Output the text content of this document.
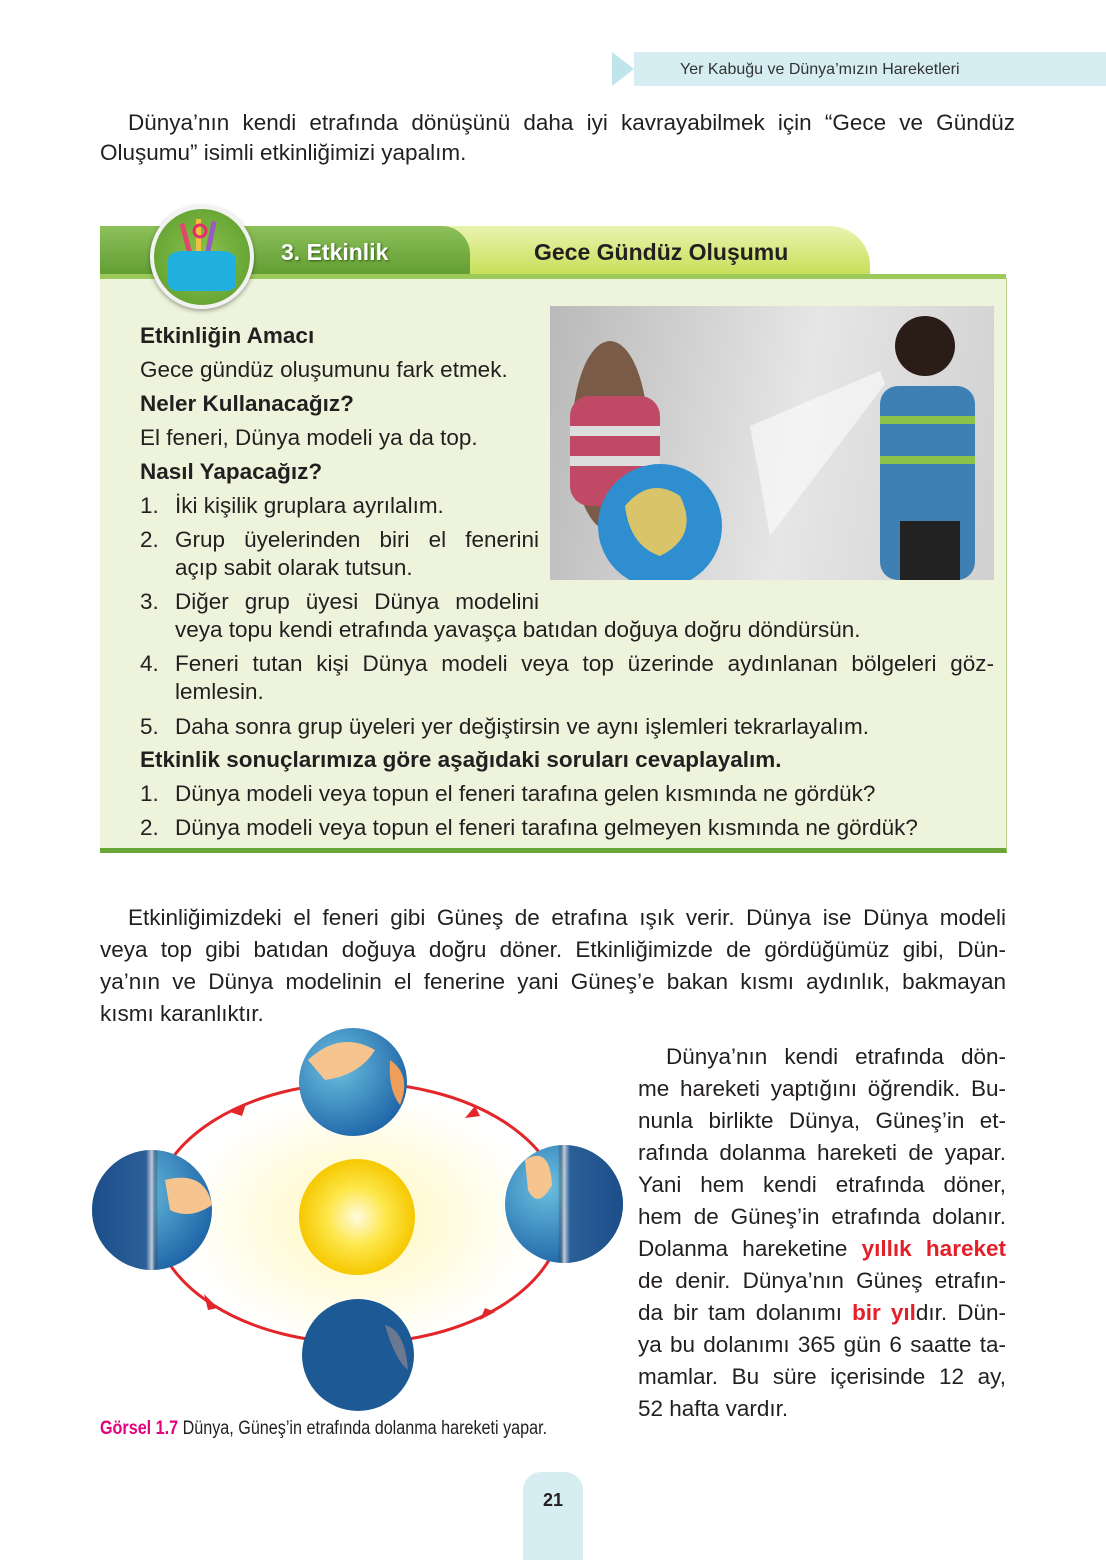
Yer Kabuğu ve Dünya’mızın Hareketleri
Dünya’nın kendi etrafında dönüşünü daha iyi kavrayabilmek için “Gece ve Gündüz
Oluşumu” isimli etkinliğimizi yapalım.
3. Etkinlik	Gece Gündüz Oluşumu
Etkinliğin Amacı
Gece gündüz oluşumunu fark etmek.
Neler Kullanacağız?
El feneri, Dünya modeli ya da top.
Nasıl Yapacağız?
1. İki kişilik gruplara ayrılalım.
2. Grup üyelerinden biri el fenerini
açıp sabit olarak tutsun.
3. Diğer grup üyesi Dünya modelini
veya topu kendi etrafında yavaşça batıdan doğuya doğru döndürsün.
4. Feneri tutan kişi Dünya modeli veya top üzerinde aydınlanan bölgeleri göz-
lemlesin.
5. Daha sonra grup üyeleri yer değiştirsin ve aynı işlemleri tekrarlayalım.
Etkinlik sonuçlarımıza göre aşağıdaki soruları cevaplayalım.
1. Dünya modeli veya topun el feneri tarafına gelen kısmında ne gördük?
2. Dünya modeli veya topun el feneri tarafına gelmeyen kısmında ne gördük?
Etkinliğimizdeki el feneri gibi Güneş de etrafına ışık verir. Dünya ise Dünya modeli
veya top gibi batıdan doğuya doğru döner. Etkinliğimizde de gördüğümüz gibi, Dün-
ya’nın ve Dünya modelinin el fenerine yani Güneş’e bakan kısmı aydınlık, bakmayan
kısmı karanlıktır.
Dünya’nın kendi etrafında dön-
me hareketi yaptığını öğrendik. Bu-
nunla birlikte Dünya, Güneş’in et-
rafında dolanma hareketi de yapar.
Yani hem kendi etrafında döner,
hem de Güneş’in etrafında dolanır.
Dolanma hareketine yıllık hareket
de denir. Dünya’nın Güneş etrafın-
da bir tam dolanımı bir yıldır. Dün-
ya bu dolanımı 365 gün 6 saatte ta-
mamlar. Bu süre içerisinde 12 ay,
52 hafta vardır.
Görsel 1.7 Dünya, Güneş’in etrafında dolanma hareketi yapar.
21
